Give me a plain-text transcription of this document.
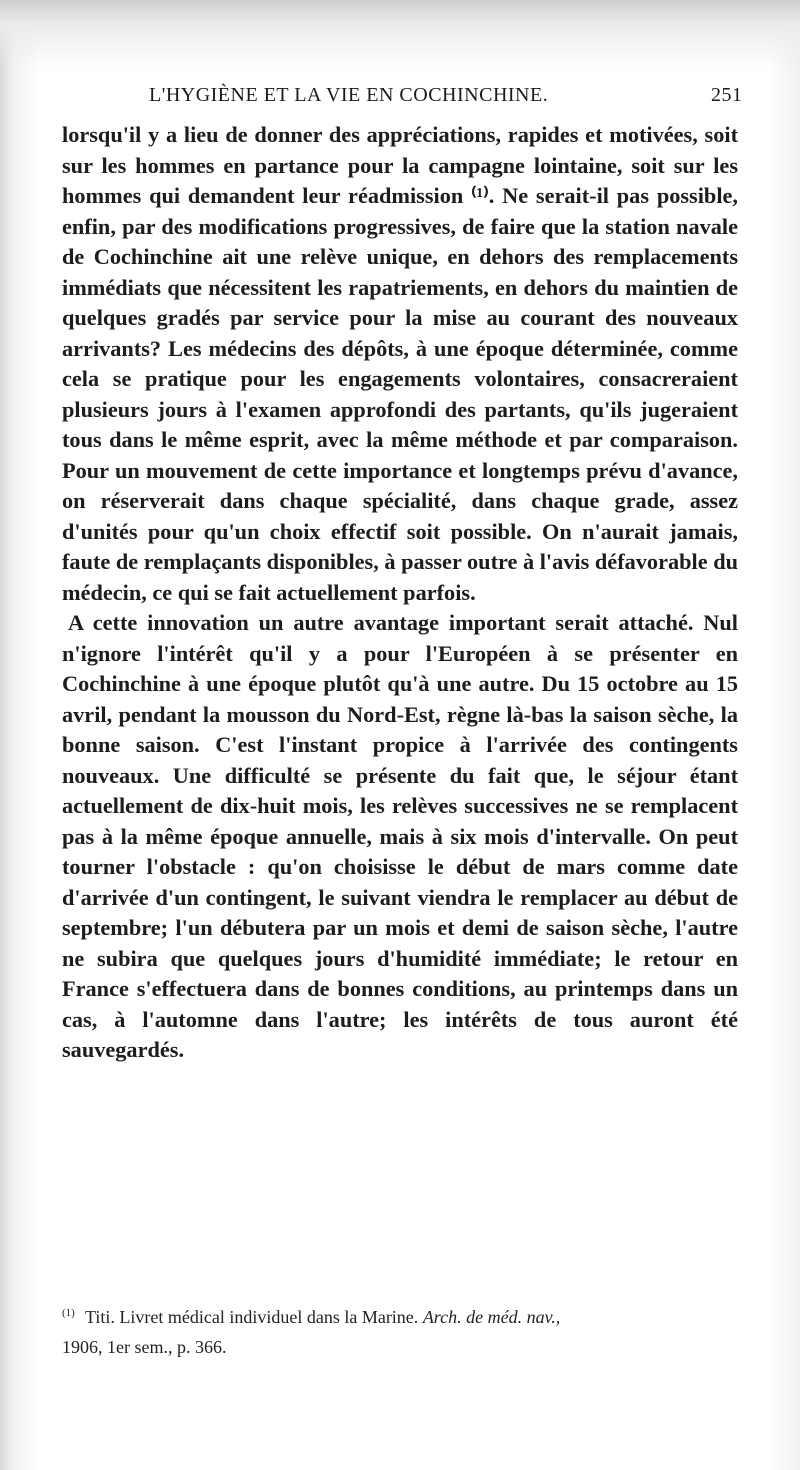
L'HYGIÈNE ET LA VIE EN COCHINCHINE.	251

lorsqu'il y a lieu de donner des appréciations, rapides et motivées, soit sur les hommes en partance pour la campagne lointaine, soit sur les hommes qui demandent leur réadmission ⁽¹⁾. Ne serait-il pas possible, enfin, par des modifications progressives, de faire que la station navale de Cochinchine ait une relève unique, en dehors des remplacements immédiats que nécessitent les rapatriements, en dehors du maintien de quelques gradés par service pour la mise au courant des nouveaux arrivants? Les médecins des dépôts, à une époque déterminée, comme cela se pratique pour les engagements volontaires, consacreraient plusieurs jours à l'examen approfondi des partants, qu'ils jugeraient tous dans le même esprit, avec la même méthode et par comparaison. Pour un mouvement de cette importance et longtemps prévu d'avance, on réserverait dans chaque spécialité, dans chaque grade, assez d'unités pour qu'un choix effectif soit possible. On n'aurait jamais, faute de remplaçants disponibles, à passer outre à l'avis défavorable du médecin, ce qui se fait actuellement parfois.

A cette innovation un autre avantage important serait attaché. Nul n'ignore l'intérêt qu'il y a pour l'Européen à se présenter en Cochinchine à une époque plutôt qu'à une autre. Du 15 octobre au 15 avril, pendant la mousson du Nord-Est, règne là-bas la saison sèche, la bonne saison. C'est l'instant propice à l'arrivée des contingents nouveaux. Une difficulté se présente du fait que, le séjour étant actuellement de dix-huit mois, les relèves successives ne se remplacent pas à la même époque annuelle, mais à six mois d'intervalle. On peut tourner l'obstacle : qu'on choisisse le début de mars comme date d'arrivée d'un contingent, le suivant viendra le remplacer au début de septembre; l'un débutera par un mois et demi de saison sèche, l'autre ne subira que quelques jours d'humidité immédiate; le retour en France s'effectuera dans de bonnes conditions, au printemps dans un cas, à l'automne dans l'autre; les intérêts de tous auront été sauvegardés.

$^{(1)}$ Titi. Livret médical individuel dans la Marine. Arch. de méd. nav.,
1906, 1er sem., p. 366.
